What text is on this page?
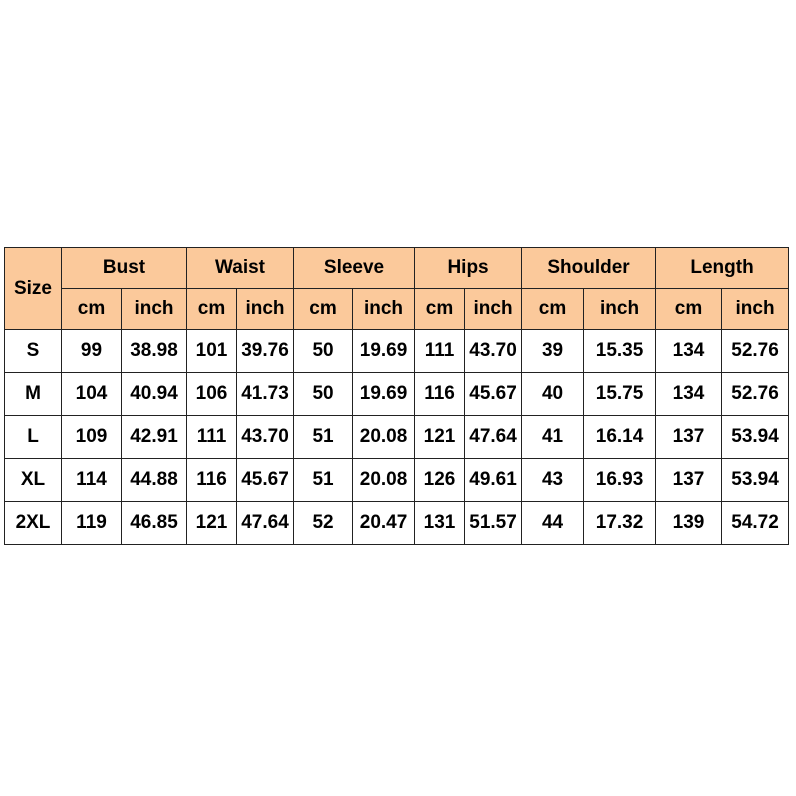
Size	Bust		Waist		Sleeve		Hips		Shoulder		Length	
	cm	inch	cm	inch	cm	inch	cm	inch	cm	inch	cm	inch
S	99	38.98	101	39.76	50	19.69	111	43.70	39	15.35	134	52.76
M	104	40.94	106	41.73	50	19.69	116	45.67	40	15.75	134	52.76
L	109	42.91	111	43.70	51	20.08	121	47.64	41	16.14	137	53.94
XL	114	44.88	116	45.67	51	20.08	126	49.61	43	16.93	137	53.94
2XL	119	46.85	121	47.64	52	20.47	131	51.57	44	17.32	139	54.72
